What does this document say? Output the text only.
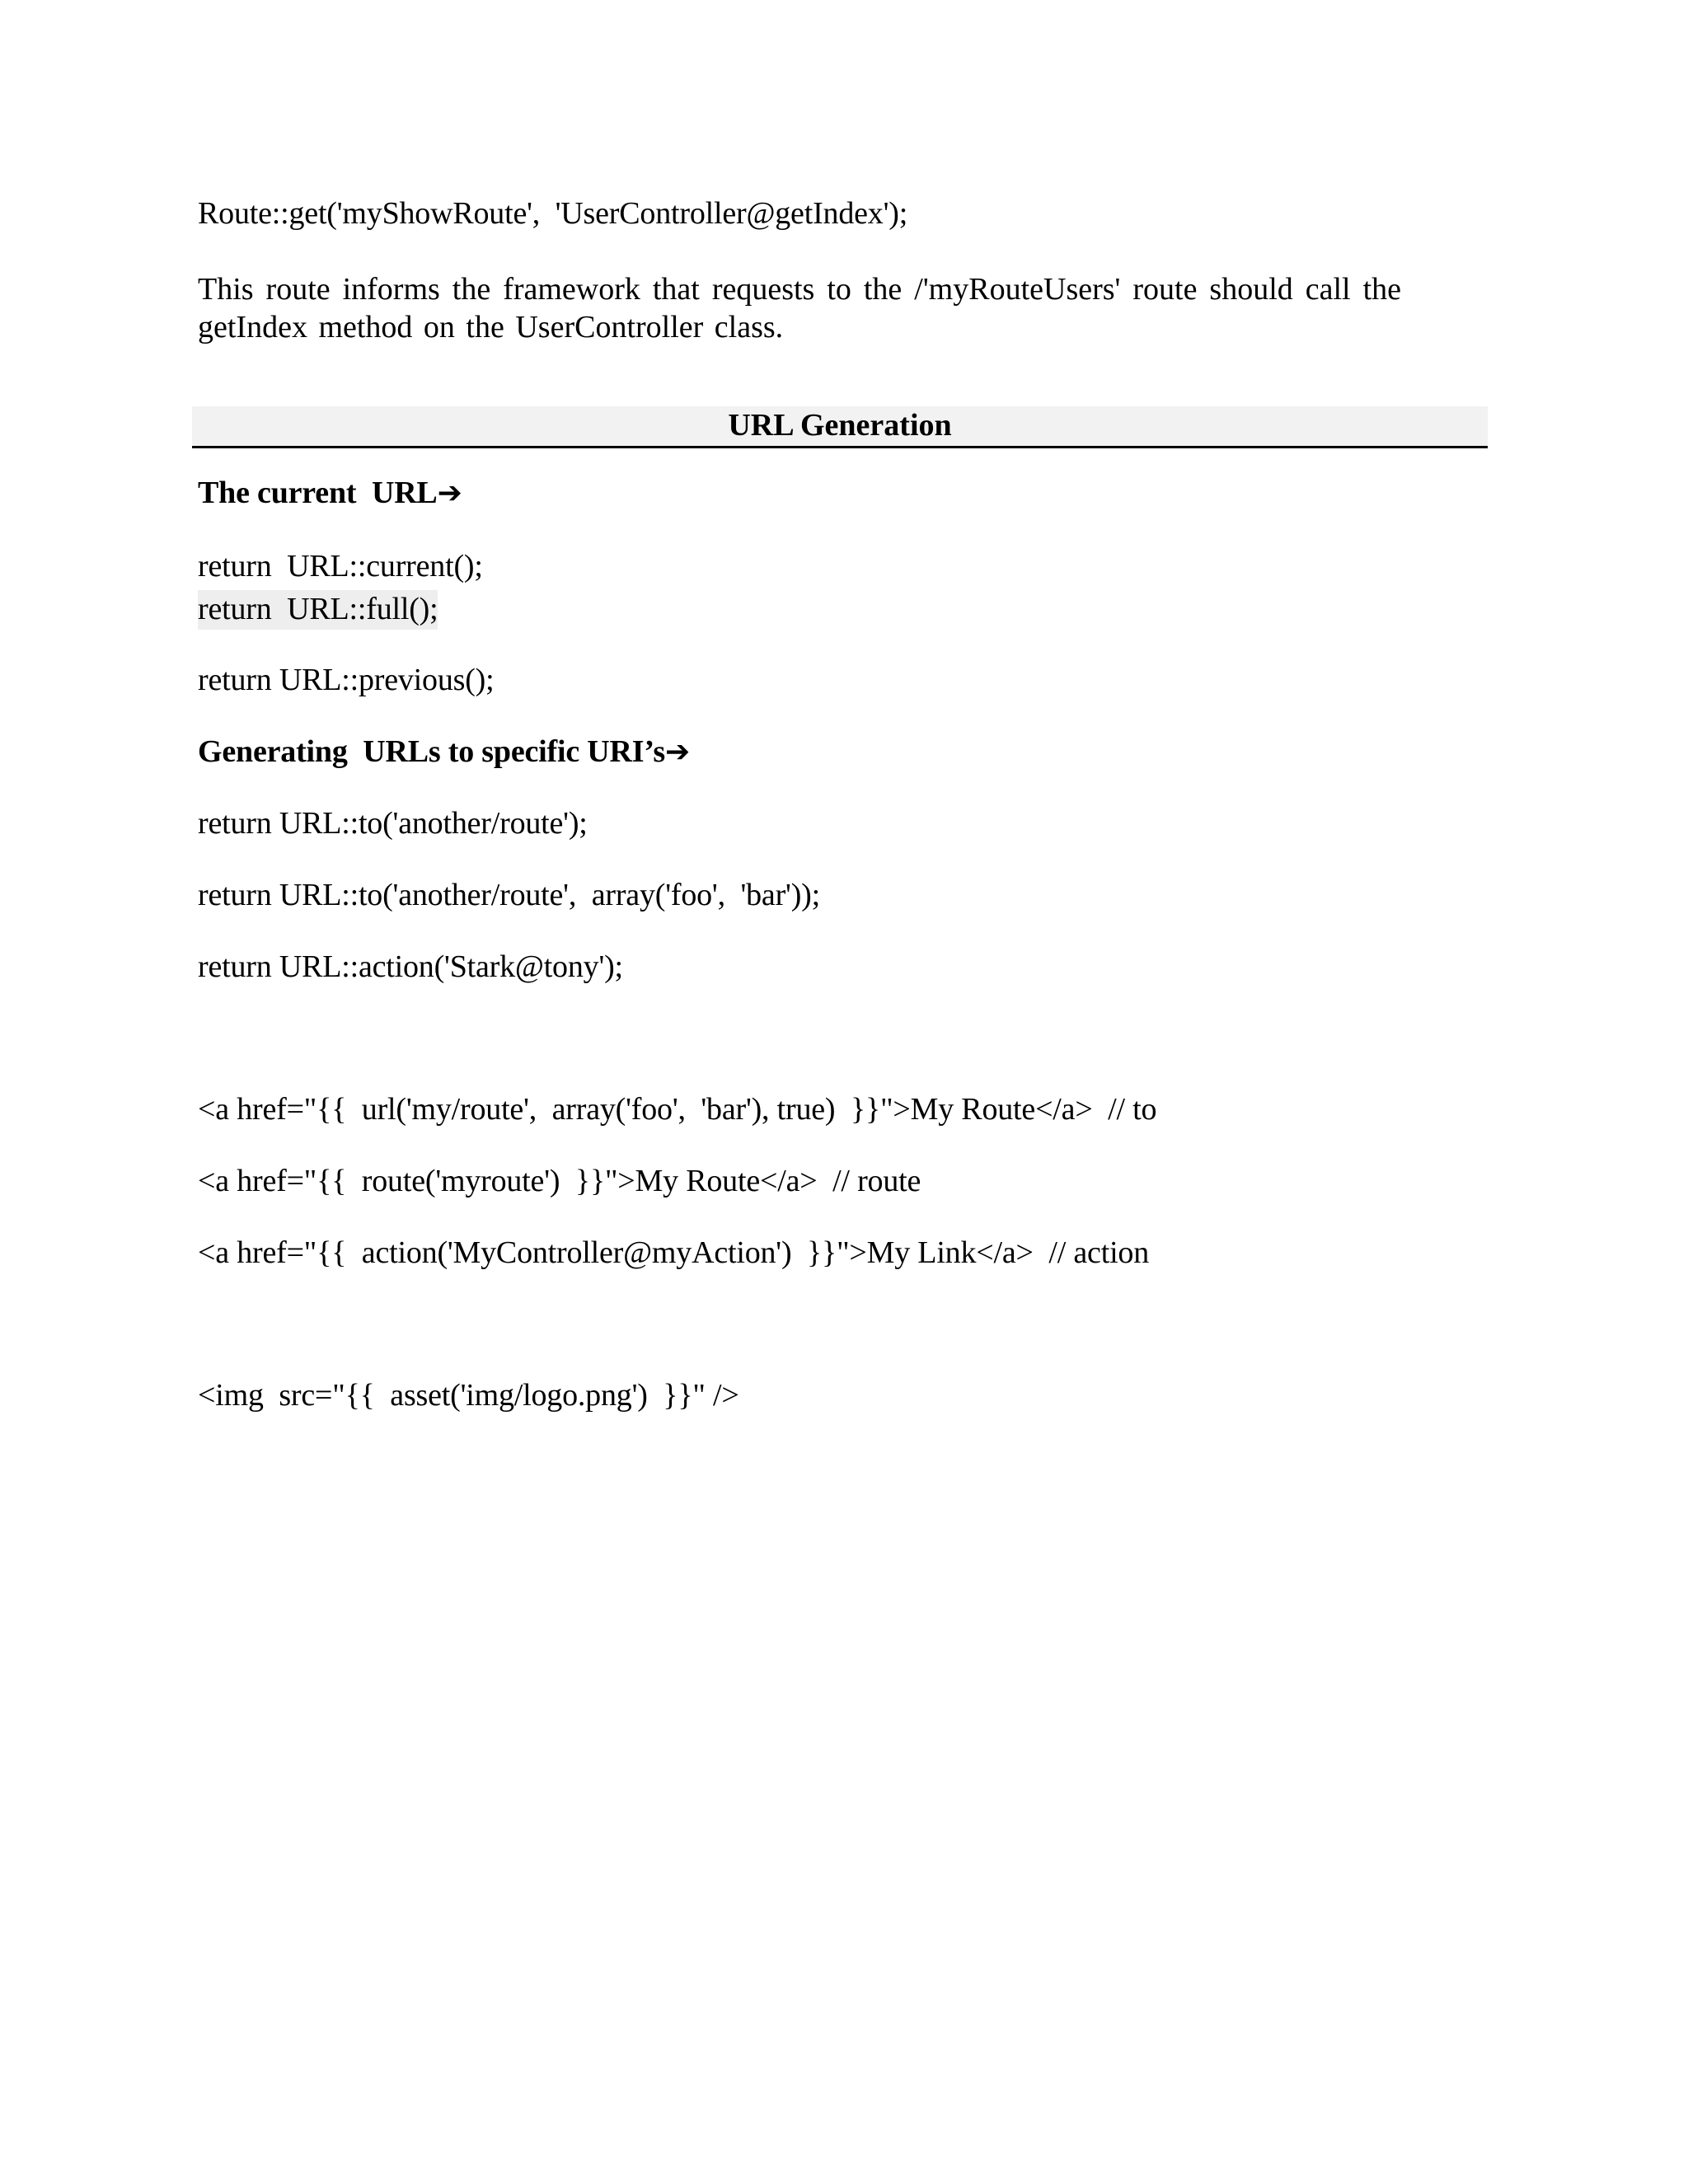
Route::get('myShowRoute',  'UserController@getIndex');
This route informs the framework that requests to the /'myRouteUsers' route should call the getIndex method on the UserController class.
URL Generation
The current  URL➔
return  URL::current();
return  URL::full();
return URL::previous();
Generating  URLs to specific URI’s➔
return URL::to('another/route');
return URL::to('another/route',  array('foo',  'bar'));
return URL::action('Stark@tony');
<a href="{{  url('my/route',  array('foo',  'bar'), true)  }}">My Route</a>  // to
<a href="{{  route('myroute')  }}">My Route</a>  // route
<a href="{{  action('MyController@myAction')  }}">My Link</a>  // action
<img  src="{{  asset('img/logo.png')  }}" />
